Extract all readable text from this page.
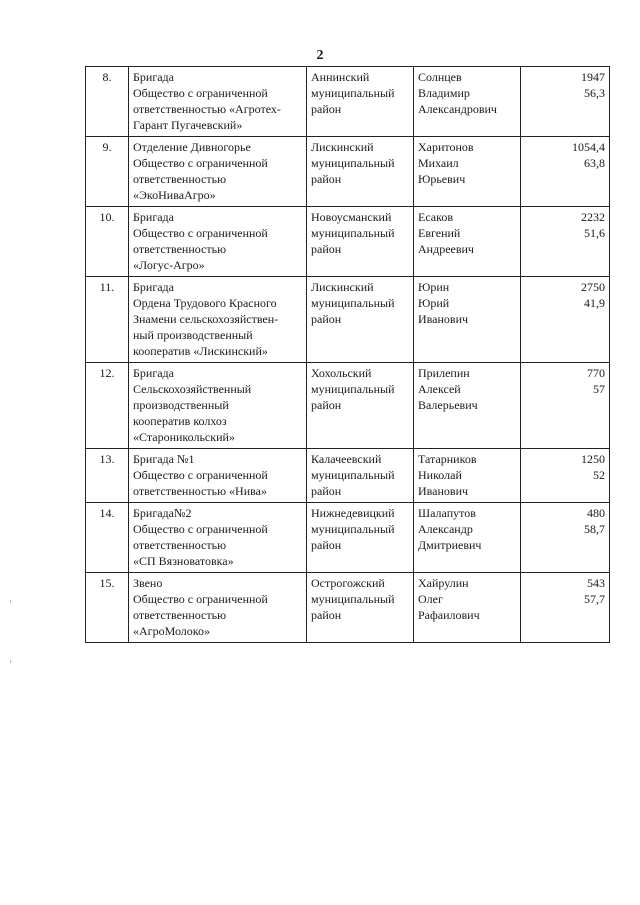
2
8.	Бригада
Общество с ограниченной
ответственностью «Агротех-
Гарант Пугачевский»	Аннинский
муниципальный
район	Солнцев
Владимир
Александрович	1947
56,3

9.	Отделение Дивногорье
Общество с ограниченной
ответственностью
«ЭкоНиваАгро»	Лискинский
муниципальный
район	Харитонов
Михаил
Юрьевич	1054,4
63,8

10.	Бригада
Общество с ограниченной
ответственностью
«Логус-Агро»	Новоусманский
муниципальный
район	Есаков
Евгений
Андреевич	2232
51,6

11.	Бригада
Ордена Трудового Красного
Знамени сельскохозяйствен-
ный производственный
кооператив «Лискинский»	Лискинский
муниципальный
район	Юрин
Юрий
Иванович	2750
41,9

12.	Бригада
Сельскохозяйственный
производственный
кооператив колхоз
«Староникольский»	Хохольский
муниципальный
район	Прилепин
Алексей
Валерьевич	770
57

13.	Бригада №1
Общество с ограниченной
ответственностью «Нива»	Калачеевский
муниципальный
район	Татарников
Николай
Иванович	1250
52

14.	Бригада№2
Общество с ограниченной
ответственностью
«СП Вязноватовка»	Нижнедевицкий
муниципальный
район	Шалапутов
Александр
Дмитриевич	480
58,7

15.	Звено
Общество с ограниченной
ответственностью
«АгроМолоко»	Острогожский
муниципальный
район	Хайрулин
Олег
Рафаилович	543
57,7
